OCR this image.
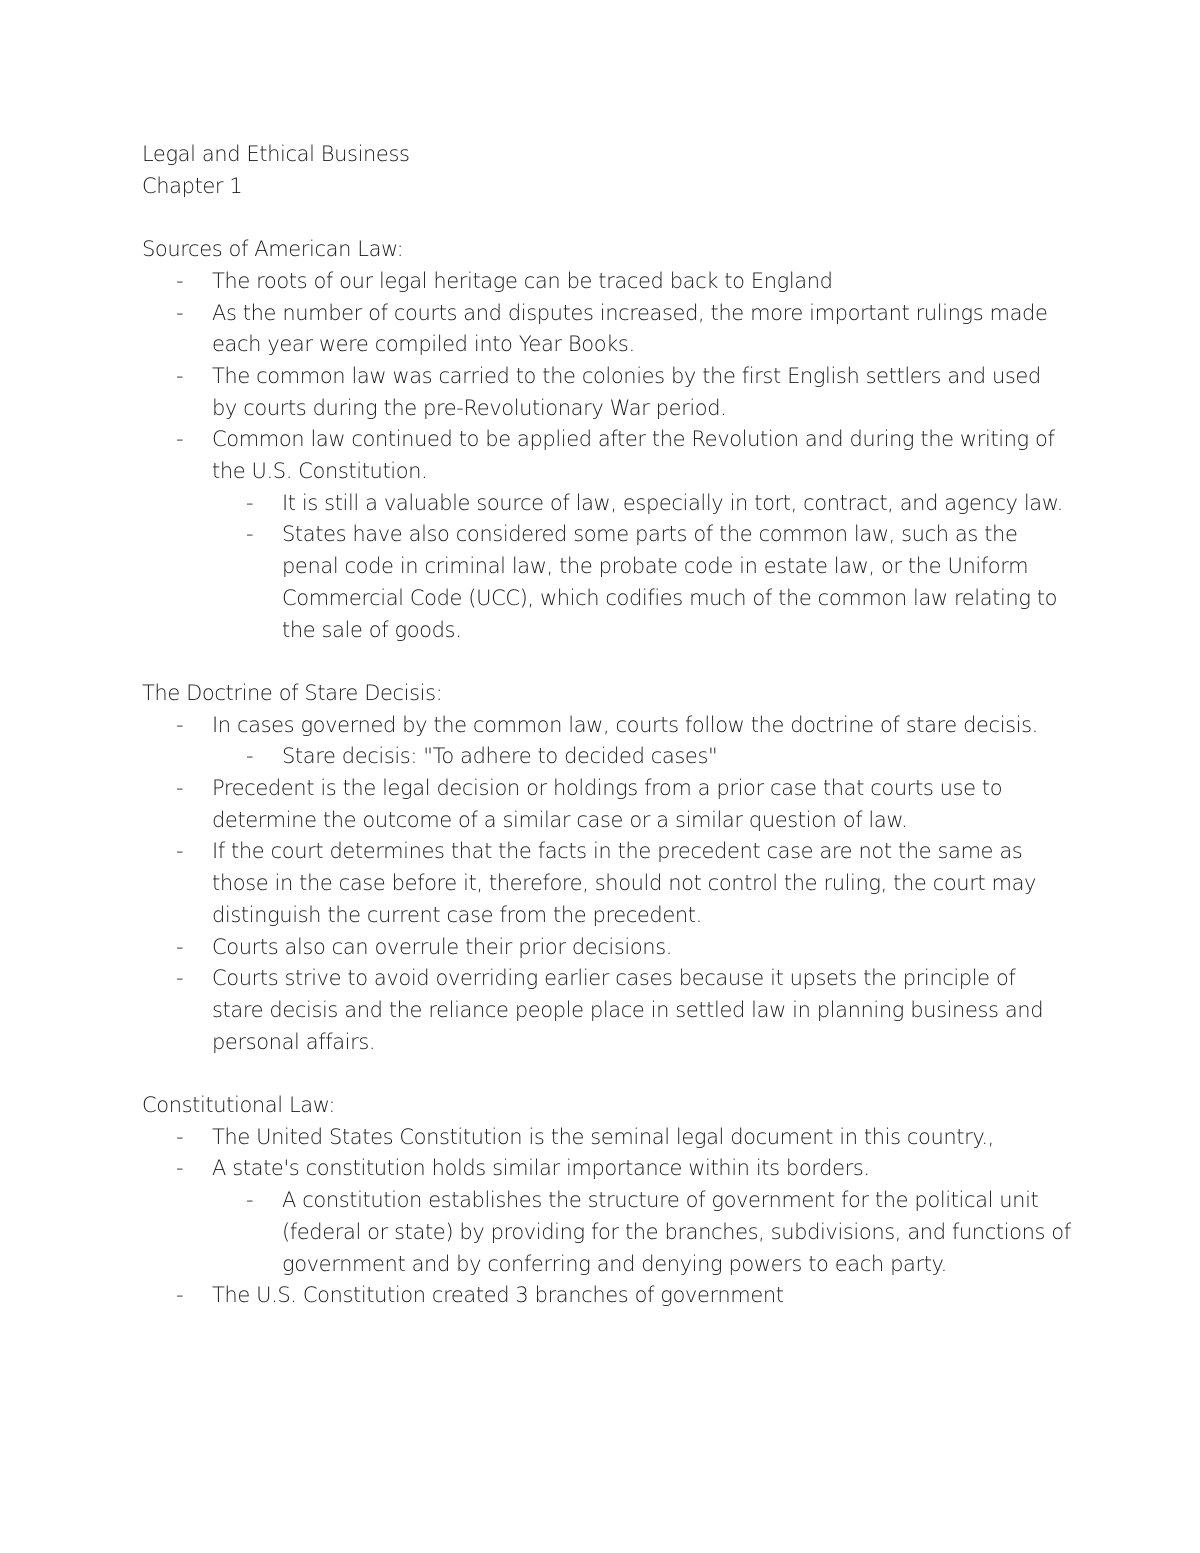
Legal and Ethical Business

Chapter 1

Sources of American Law:

-	The roots of our legal heritage can be traced back to England
-	As the number of courts and disputes increased, the more important rulings made each year were compiled into Year Books.
-	The common law was carried to the colonies by the first English settlers and used by courts during the pre-Revolutionary War period.
-	Common law continued to be applied after the Revolution and during the writing of the U.S. Constitution.
-	It is still a valuable source of law, especially in tort, contract, and agency law.
-	States have also considered some parts of the common law, such as the penal code in criminal law, the probate code in estate law, or the Uniform Commercial Code (UCC), which codifies much of the common law relating to the sale of goods.

The Doctrine of Stare Decisis:

-	In cases governed by the common law, courts follow the doctrine of stare decisis.
-	Stare decisis: "To adhere to decided cases"
-	Precedent is the legal decision or holdings from a prior case that courts use to determine the outcome of a similar case or a similar question of law.
-	If the court determines that the facts in the precedent case are not the same as those in the case before it, therefore, should not control the ruling, the court may distinguish the current case from the precedent.
-	Courts also can overrule their prior decisions.
-	Courts strive to avoid overriding earlier cases because it upsets the principle of stare decisis and the reliance people place in settled law in planning business and personal affairs.

Constitutional Law:

-	The United States Constitution is the seminal legal document in this country.,
-	A state's constitution holds similar importance within its borders.
-	A constitution establishes the structure of government for the political unit (federal or state) by providing for the branches, subdivisions, and functions of government and by conferring and denying powers to each party.
-	The U.S. Constitution created 3 branches of government
